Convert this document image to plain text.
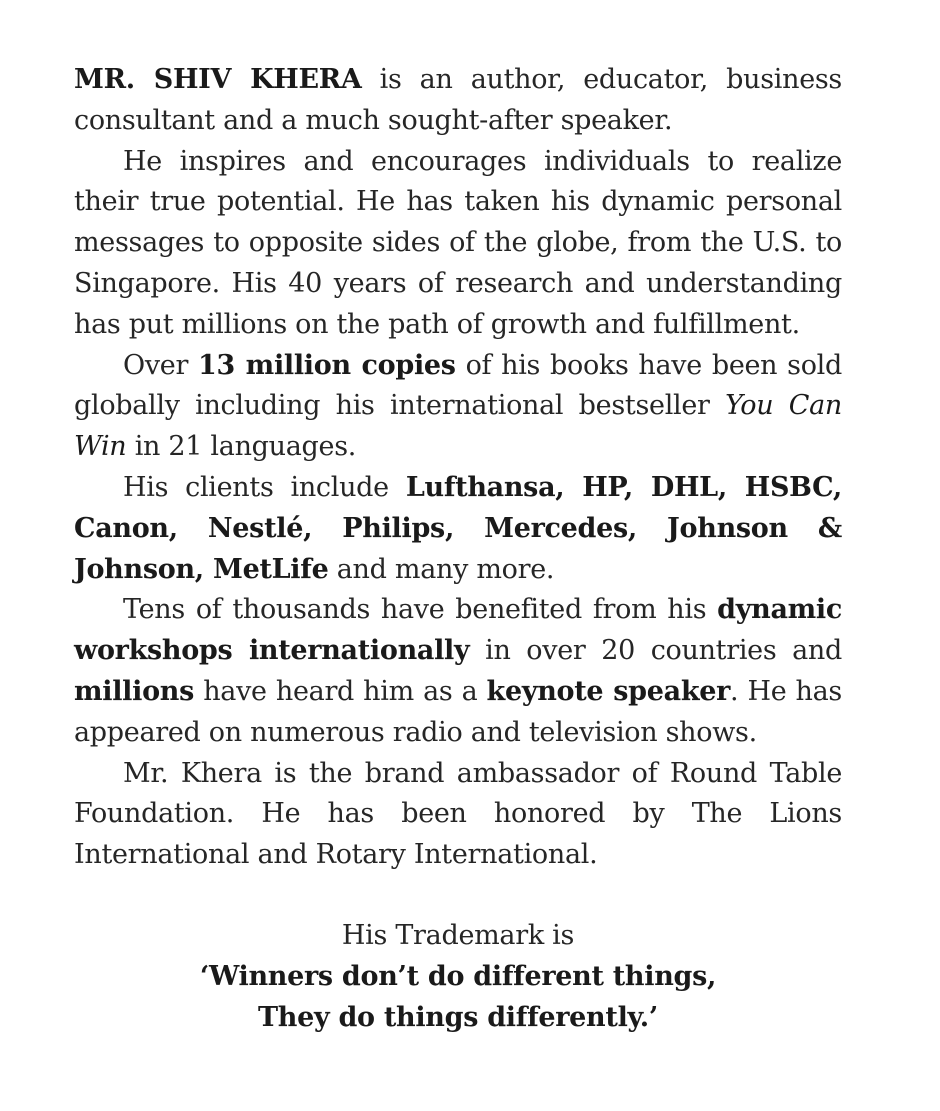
MR. SHIV KHERA is an author, educator, business consultant and a much sought-after speaker.

He inspires and encourages individuals to realize their true potential. He has taken his dynamic personal messages to opposite sides of the globe, from the U.S. to Singapore. His 40 years of research and understanding has put millions on the path of growth and fulfillment.

Over 13 million copies of his books have been sold globally including his international bestseller You Can Win in 21 languages.

His clients include Lufthansa, HP, DHL, HSBC, Canon, Nestlé, Philips, Mercedes, Johnson & Johnson, MetLife and many more.

Tens of thousands have benefited from his dynamic workshops internationally in over 20 countries and millions have heard him as a keynote speaker. He has appeared on numerous radio and television shows.

Mr. Khera is the brand ambassador of Round Table Foundation. He has been honored by The Lions International and Rotary International.

His Trademark is
‘Winners don’t do different things,
They do things differently.’
